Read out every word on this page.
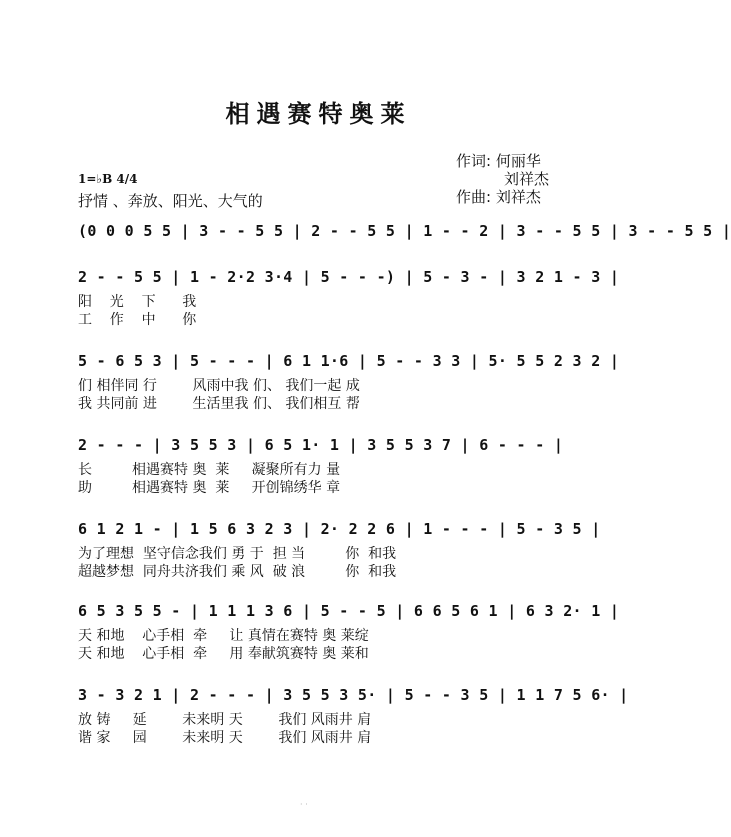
相遇赛特奥莱
作词: 何丽华
刘祥杰
作曲: 刘祥杰
1=♭B 4/4
抒情 、奔放、阳光、大气的
(0 0 0 5 5 | 3 - - 5 5 | 2 - - 5 5 | 1 - - 2 | 3 - - 5 5 | 3 - - 5 5 |
2 - - 5 5 | 1 - 2·2 3·4 | 5 - - -) | 5 - 3 - | 3 2 1 - 3 |
阳    光    下      我
工    作    中      你
5 - 6 5 3 | 5 - - - | 6 1 1·6 | 5 - - 3 3 | 5· 5 5 2 3 2 |
们 相伴同 行        风雨中我 们、 我们一起 成
我 共同前 进        生活里我 们、 我们相互 帮
2 - - - | 3 5 5 3 | 6 5 1· 1 | 3 5 5 3 7 | 6 - - - |
长         相遇赛特 奥  莱     凝聚所有力 量
助         相遇赛特 奥  莱     开创锦绣华 章
6 1 2 1 - | 1 5 6 3 2 3 | 2· 2 2 6 | 1 - - - | 5 - 3 5 |
为了理想  坚守信念我们 勇 于  担 当         你  和我
超越梦想  同舟共济我们 乘 风  破 浪         你  和我
6 5 3 5 5 - | 1 1 1 3 6 | 5 - - 5 | 6 6 5 6 1 | 6 3 2· 1 |
天 和地    心手相  牵     让 真情在赛特 奥 莱绽
天 和地    心手相  牵     用 奉献筑赛特 奥 莱和
3 - 3 2 1 | 2 - - - | 3 5 5 3 5· | 5 - - 3 5 | 1 1 7 5 6· |
放 铸     延        未来明 天        我们 风雨井 肩
谐 家     园        未来明 天        我们 风雨井 肩
· ·
